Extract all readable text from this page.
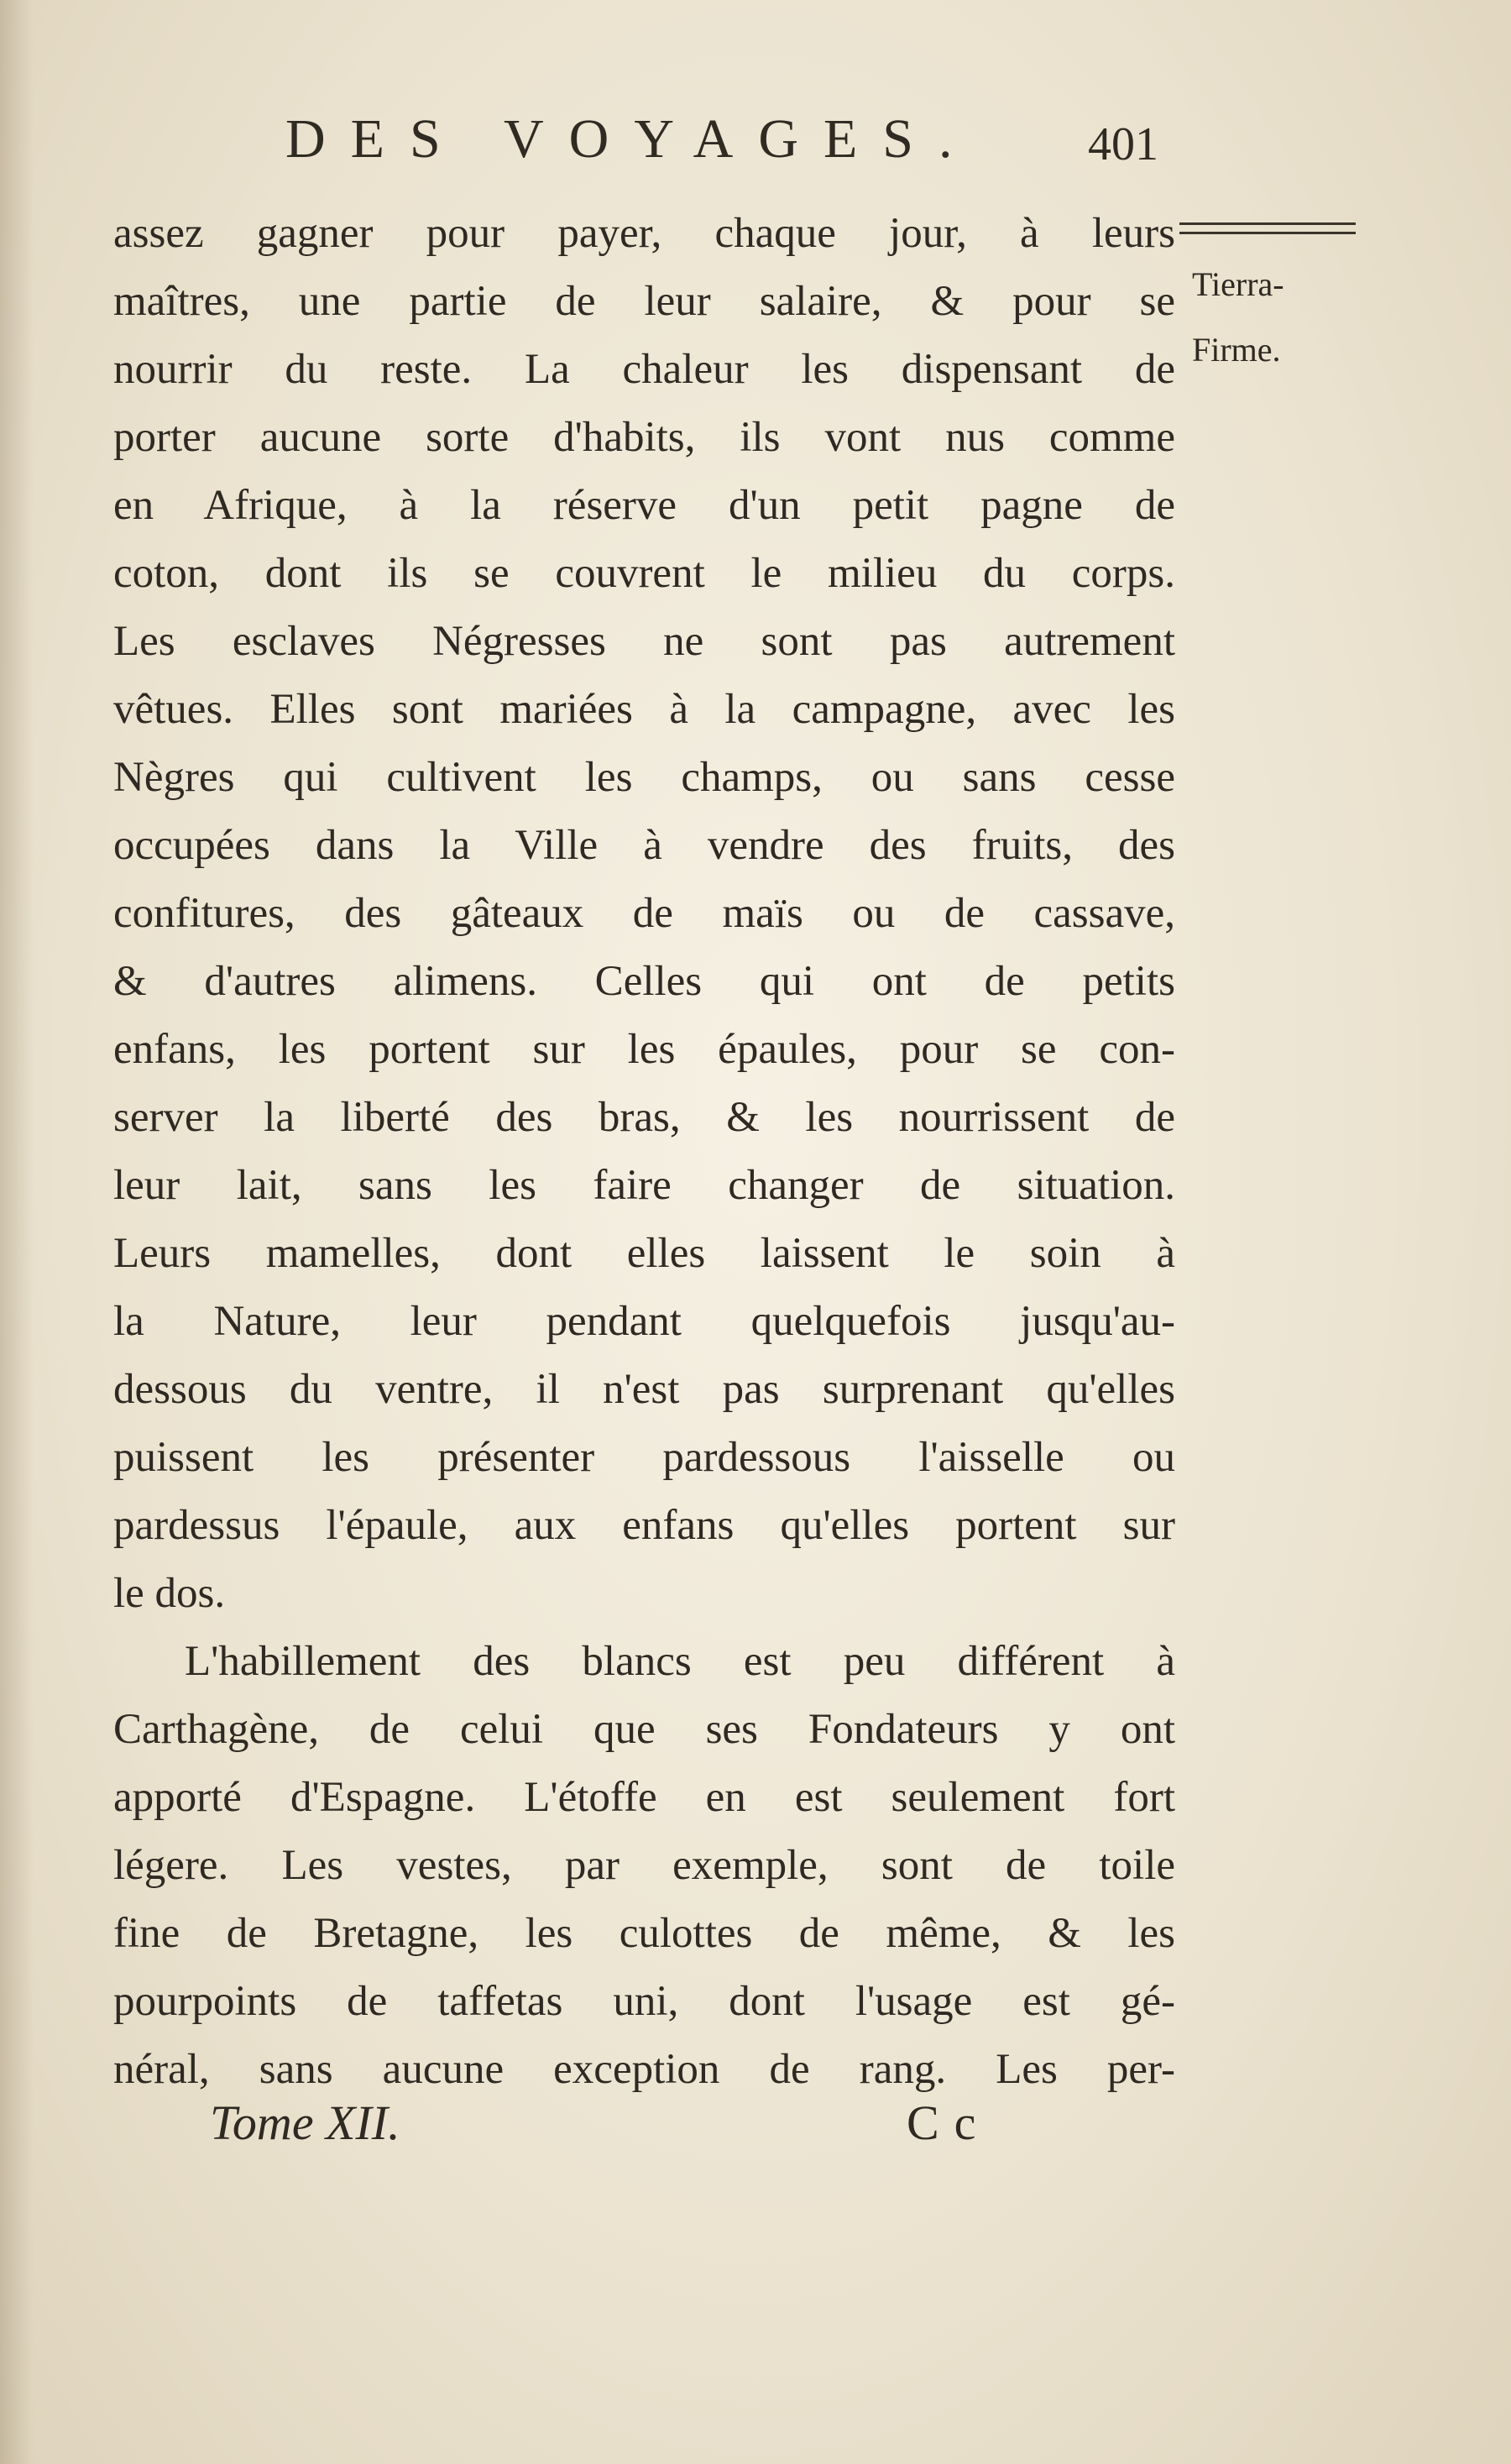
DES VOYAGES. 401
Tierra-
Firme.
assez gagner pour payer, chaque jour, à leurs
maîtres, une partie de leur salaire, & pour se
nourrir du reste. La chaleur les dispensant de
porter aucune sorte d'habits, ils vont nus comme
en Afrique, à la réserve d'un petit pagne de
coton, dont ils se couvrent le milieu du corps.
Les esclaves Négresses ne sont pas autrement
vêtues. Elles sont mariées à la campagne, avec les
Nègres qui cultivent les champs, ou sans cesse
occupées dans la Ville à vendre des fruits, des
confitures, des gâteaux de maïs ou de cassave,
& d'autres alimens. Celles qui ont de petits
enfans, les portent sur les épaules, pour se con-
server la liberté des bras, & les nourrissent de
leur lait, sans les faire changer de situation.
Leurs mamelles, dont elles laissent le soin à
la Nature, leur pendant quelquefois jusqu'au-
dessous du ventre, il n'est pas surprenant qu'elles
puissent les présenter pardessous l'aisselle ou
pardessus l'épaule, aux enfans qu'elles portent sur
le dos.
L'habillement des blancs est peu différent à
Carthagène, de celui que ses Fondateurs y ont
apporté d'Espagne. L'étoffe en est seulement fort
légere. Les vestes, par exemple, sont de toile
fine de Bretagne, les culottes de même, & les
pourpoints de taffetas uni, dont l'usage est gé-
néral, sans aucune exception de rang. Les per-
Tome XII.	Cc
